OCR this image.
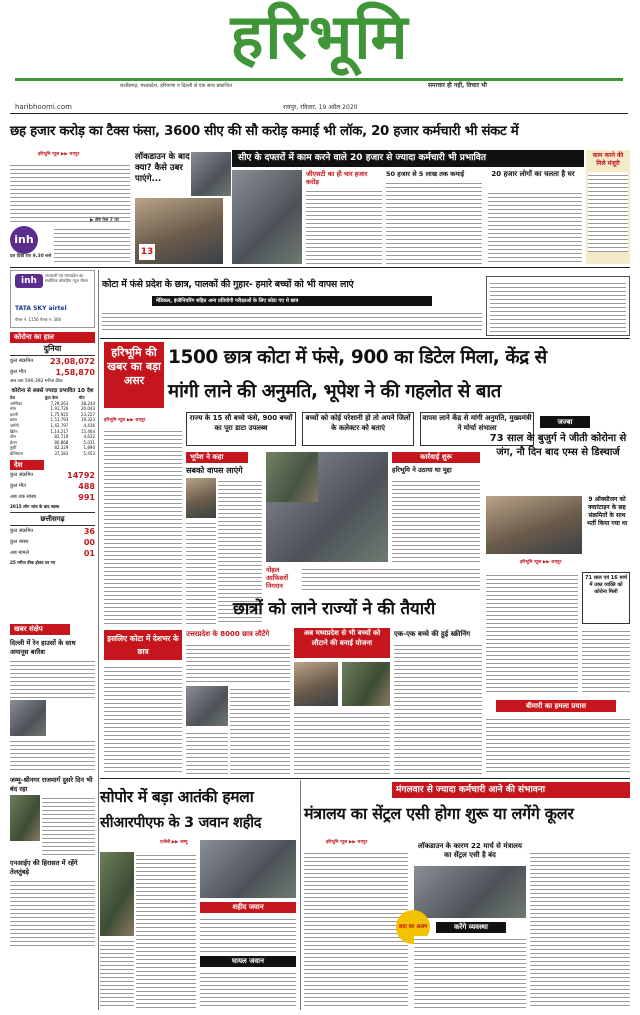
हरिभूमि
छत्तीसगढ़, मध्यप्रदेश, हरियाणा व दिल्ली से एक साथ प्रकाशित	समाचार ही नहीं, विचार भी
haribhoomi.com	रायपुर, रविवार, 19 अप्रैल 2020
छह हजार करोड़ का टैक्स फंसा, 3600 सीए की सौ करोड़ कमाई भी लॉक, 20 हजार कर्मचारी भी संकट में
हरिभूमि न्यूज ▶▶ रायपुर
inh
प्रत दिखे रात 9.30 बजे
लॉकडाउन के बाद क्या? कैसे उबर पाएंगे...
13
सीए के दफ्तरों में काम करने वाले 20 हजार से ज्यादा कर्मचारी भी प्रभावित
जीएसटी का ही चार हजार करोड़
50 हजार से 5 लाख तक कमाई	20 हजार लोगों का चलता है घर
काम करने की मिले मंजूरी
▶ शेष पेज 7 पर
inh
राजधानी एवं मध्यप्रदेश का सर्वाधिक लोकप्रिय न्यूज चैनल
TATA SKY airtel
चैनल नं. 1156 चैनल नं. 366
कोरोना का हाल
दुनिया
कुल संक्रमित 23,08,072
कुल मौत	1,58,870
अब तक 590,392 मरीज ठीक
कोरोना से सबसे ज्यादा प्रभावित 10 देश
देश	कुल केस	मौत
अमेरिका	7,29,263	38,244
स्पेन	1,91,726	20,043
इटली	1,75,925	23,227
फ्रांस	1,51,793	19,323
जर्मनी	1,42,797	4,436
ब्रिटेन	1,14,217	15,464
चीन	82,719	4,632
ईरान	80,868	5,031
तुर्की	82,329	1,890
बेल्जियम	37,183	5,453
देश
कुल संक्रमित	14792
कुल मौत	488
अब तक स्वस्थ	991
2015 लोग जांच के बाद स्वस्थ
छत्तीसगढ़
कुल संक्रमित	36
कुल स्वस्थ	00
अब मामले	01
25 मरीज ठीक होकर घर गए
खबर संक्षेप
दिल्ली में रेन हाउसों के साथ अमानूस बारिश
जम्मू-श्रीनगर राजमार्ग दुसरे दिन भी बंद रहा
एनआईए की हिरासत में रहेंगे तेलतुंबड़े
कोटा में फंसे प्रदेश के छात्र, पालकों की गुहार- हमारे बच्चों को भी वापस लाएं
मेडिकल, इंजीनियरिंग सहित अन्य प्रतियोगी परीक्षाओं के लिए कोटा गए थे छात्र
हरिभूमि की खबर का बड़ा असर
1500 छात्र कोटा में फंसे, 900 का डिटेल मिला, केंद्र से
मांगी लाने की अनुमति, भूपेश ने की गहलोत से बात
हरिभूमि न्यूज ▶▶ रायपुर	राज्य के 15 सौ बच्चे फंसे, 900 बच्चों का पूरा डाटा उपलब्ध
बच्चों को कोई परेशानी हो तो अपने जिलों के कलेक्टर को बताएं
वापस लाने केंद्र से मांगी अनुमति, मुख्यमंत्री ने मोर्चा संभाला
भूपेश ने कहा
सबको वापस लाएंगे
नोहल आफिसरों निगरान
कार्रवाई शुरू
हरिभूमि ने उठाया था मुद्दा
जज्बा
73 साल के बुजुर्ग ने जीती कोरोना से जंग, नौ दिन बाद एम्स से डिस्चार्ज
9 ऑक्सीजन को क्वारंटाइन के छह संक्रमितों के साथ भर्ती किया गया था
हरिभूमि न्यूज ▶▶ रायपुर
71 साल एवं 16 मार्च में उक्त व्यक्ति को कोरोना मिली
छात्रों को लाने राज्यों ने की तैयारी
इसलिए कोटा में देशभर के छात्र
उत्तरप्रदेश के 8000 छात्र लौटेंगे	अब मध्यप्रदेश से भी बच्चों को लौटाने की बनाई योजना
एक-एक बच्चे की हुई स्क्रीनिंग
बीमारी का हमला प्रयास
सोपोर में बड़ा आतंकी हमला
सीआरपीएफ के 3 जवान शहीद
एजेंसी ▶▶ जम्मू
शहीद जवान
घायल जवान
मंगलवार से ज्यादा कर्मचारी आने की संभावना
मंत्रालय का सेंट्रल एसी होगा शुरू या लगेंगे कूलर
हरिभूमि न्यूज ▶▶ रायपुर	लॉकडाउन के कारण 22 मार्च से मंत्रालय का सेंट्रल एसी है बंद
सदा का अलग	करेंगे व्यवस्था
